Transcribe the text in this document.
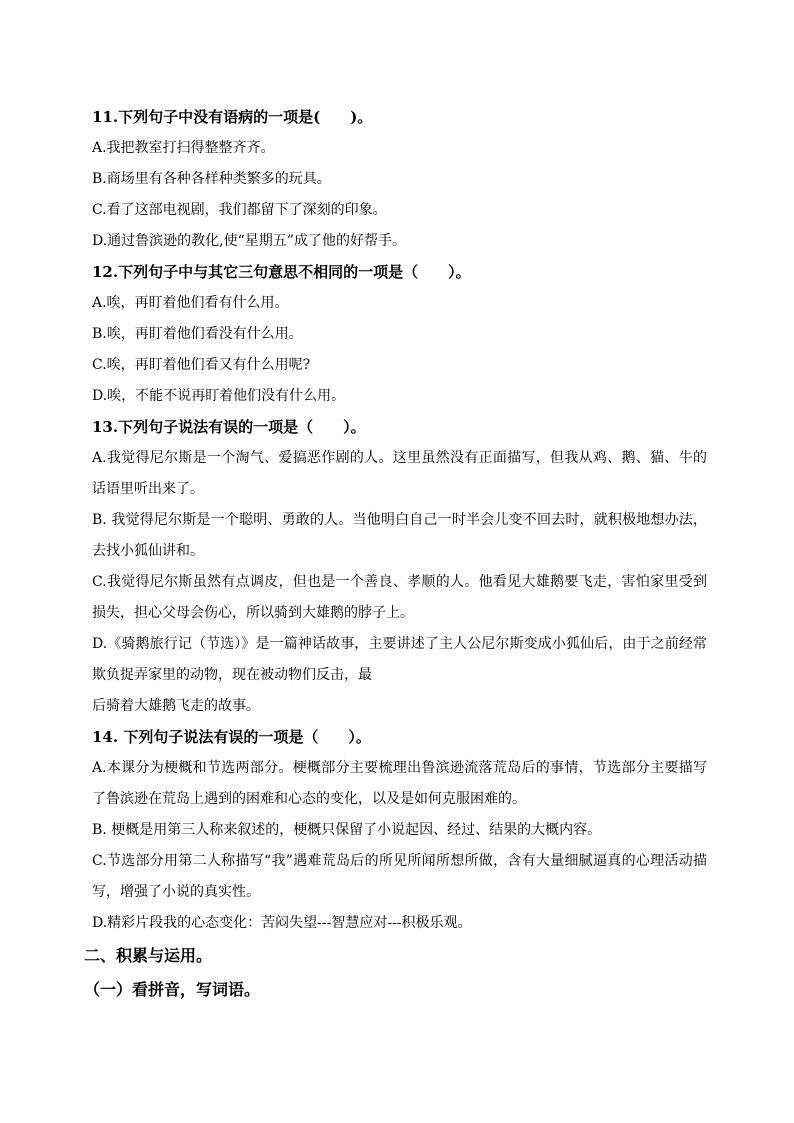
11.下列句子中没有语病的一项是(　　)。
A.我把教室打扫得整整齐齐。
B.商场里有各种各样种类繁多的玩具。
C.看了这部电视剧，我们都留下了深刻的印象。
D.通过鲁滨逊的教化,使“星期五”成了他的好帮手。
12.下列句子中与其它三句意思不相同的一项是（　　）。
A.唉，再盯着他们看有什么用。
B.唉，再盯着他们看没有什么用。
C.唉，再盯着他们看又有什么用呢?
D.唉，不能不说再盯着他们没有什么用。
13.下列句子说法有误的一项是（　　）。
A.我觉得尼尔斯是一个淘气、爱搞恶作剧的人。这里虽然没有正面描写，但我从鸡、鹅、猫、牛的话语里听出来了。
B. 我觉得尼尔斯是一个聪明、勇敢的人。当他明白自己一时半会儿变不回去时，就积极地想办法，去找小狐仙讲和。
C.我觉得尼尔斯虽然有点调皮，但也是一个善良、孝顺的人。他看见大雄鹅要飞走，害怕家里受到损失，担心父母会伤心，所以骑到大雄鹅的脖子上。
D.《骑鹅旅行记（节选）》是一篇神话故事，主要讲述了主人公尼尔斯变成小狐仙后，由于之前经常欺负捉弄家里的动物，现在被动物们反击，最
后骑着大雄鹅飞走的故事。
14. 下列句子说法有误的一项是（　　）。
A.本课分为梗概和节选两部分。梗概部分主要梳理出鲁滨逊流落荒岛后的事情，节选部分主要描写了鲁滨逊在荒岛上遇到的困难和心态的变化，以及是如何克服困难的。
B. 梗概是用第三人称来叙述的，梗概只保留了小说起因、经过、结果的大概内容。
C.节选部分用第二人称描写“我”遇难荒岛后的所见所闻所想所做，含有大量细腻逼真的心理活动描写，增强了小说的真实性。
D.精彩片段我的心态变化：苦闷失望---智慧应对---积极乐观。
二、积累与运用。
（一）看拼音，写词语。
